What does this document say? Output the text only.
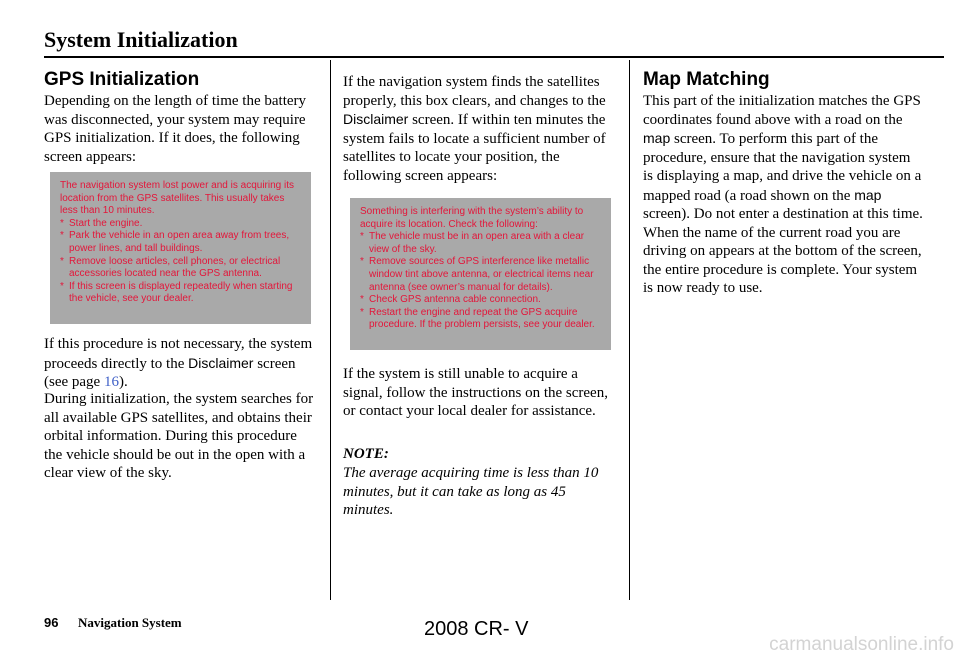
System Initialization
GPS Initialization

Depending on the length of time the battery was disconnected, your system may require GPS initialization. If it does, the following screen appears:

The navigation system lost power and is acquiring its location from the GPS satellites. This usually takes less than 10 minutes.

* Start the engine.
* Park the vehicle in an open area away from trees, power lines, and tall buildings.
* Remove loose articles, cell phones, or electrical accessories located near the GPS antenna.
* If this screen is displayed repeatedly when starting the vehicle, see your dealer.

If this procedure is not necessary, the system proceeds directly to the Disclaimer screen (see page 16).

During initialization, the system searches for all available GPS satellites, and obtains their orbital information. During this procedure the vehicle should be out in the open with a clear view of the sky.

If the navigation system finds the satellites properly, this box clears, and changes to the Disclaimer screen. If within ten minutes the system fails to locate a sufficient number of satellites to locate your position, the following screen appears:

Something is interfering with the system’s ability to acquire its location. Check the following:

* The vehicle must be in an open area with a clear view of the sky.
* Remove sources of GPS interference like metallic window tint above antenna, or electrical items near antenna (see owner’s manual for details).
* Check GPS antenna cable connection.
* Restart the engine and repeat the GPS acquire procedure. If the problem persists, see your dealer.

If the system is still unable to acquire a signal, follow the instructions on the screen, or contact your local dealer for assistance.

NOTE:

The average acquiring time is less than 10 minutes, but it can take as long as 45 minutes.

Map Matching

This part of the initialization matches the GPS coordinates found above with a road on the map screen. To perform this part of the procedure, ensure that the navigation system is displaying a map, and drive the vehicle on a mapped road (a road shown on the map screen). Do not enter a destination at this time. When the name of the current road you are driving on appears at the bottom of the screen, the entire procedure is complete. Your system is now ready to use.

96 Navigation System	2008 CR- V
carmanualsonline.info
